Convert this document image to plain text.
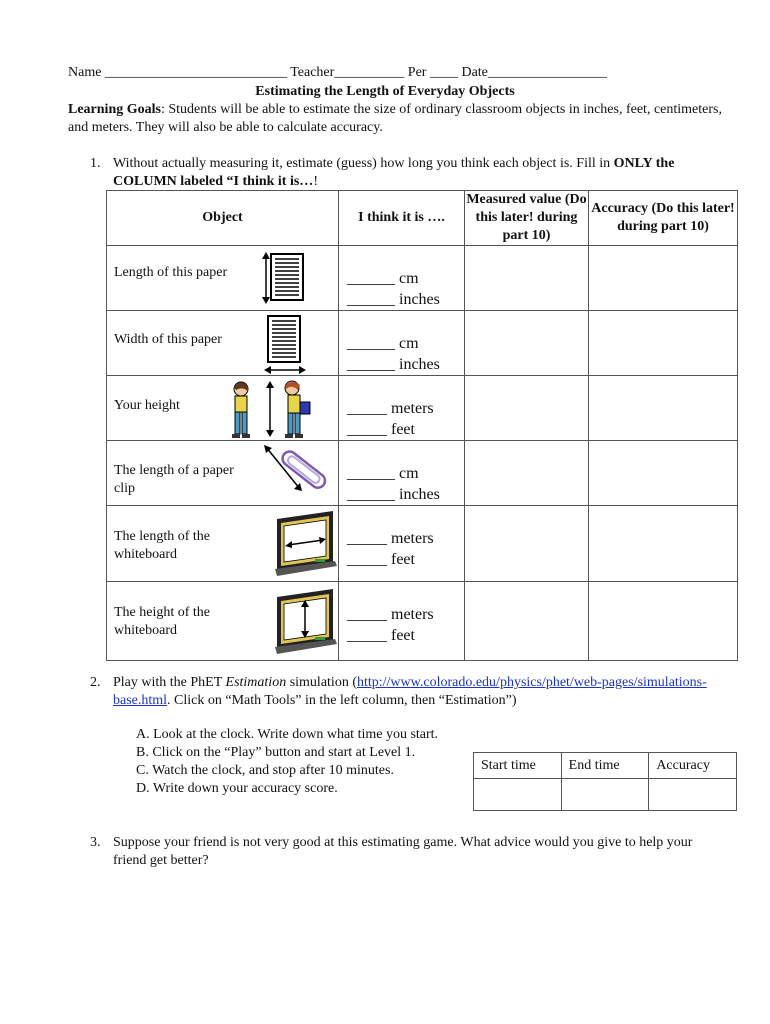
Name __________________________ Teacher__________ Per ____ Date_________________
Estimating the Length of Everyday Objects
Learning Goals: Students will be able to estimate the size of ordinary classroom objects in inches, feet, centimeters, and meters. They will also be able to calculate accuracy.
1. Without actually measuring it, estimate (guess) how long you think each object is. Fill in ONLY the COLUMN labeled “I think it is…!
Object	I think it is ….	Measured value (Do this later! during part 10)	Accuracy (Do this later! during part 10)

Length of this paper	______ cm
______ inches		

Width of this paper	______ cm
______ inches		

Your height	_____ meters
_____ feet		

The length of a paper clip	______ cm
______ inches		

The length of the whiteboard	_____ meters
_____ feet		

The height of the whiteboard	_____ meters
_____ feet		

2. Play with the PhET Estimation simulation (http://www.colorado.edu/physics/phet/web-pages/simulations-base.html. Click on “Math Tools” in the left column, then “Estimation”)
A. Look at the clock. Write down what time you start.
B. Click on the “Play” button and start at Level 1.
C. Watch the clock, and stop after 10 minutes.
D. Write down your accuracy score.
Start time	End time	Accuracy

3. Suppose your friend is not very good at this estimating game. What advice would you give to help your friend get better?
